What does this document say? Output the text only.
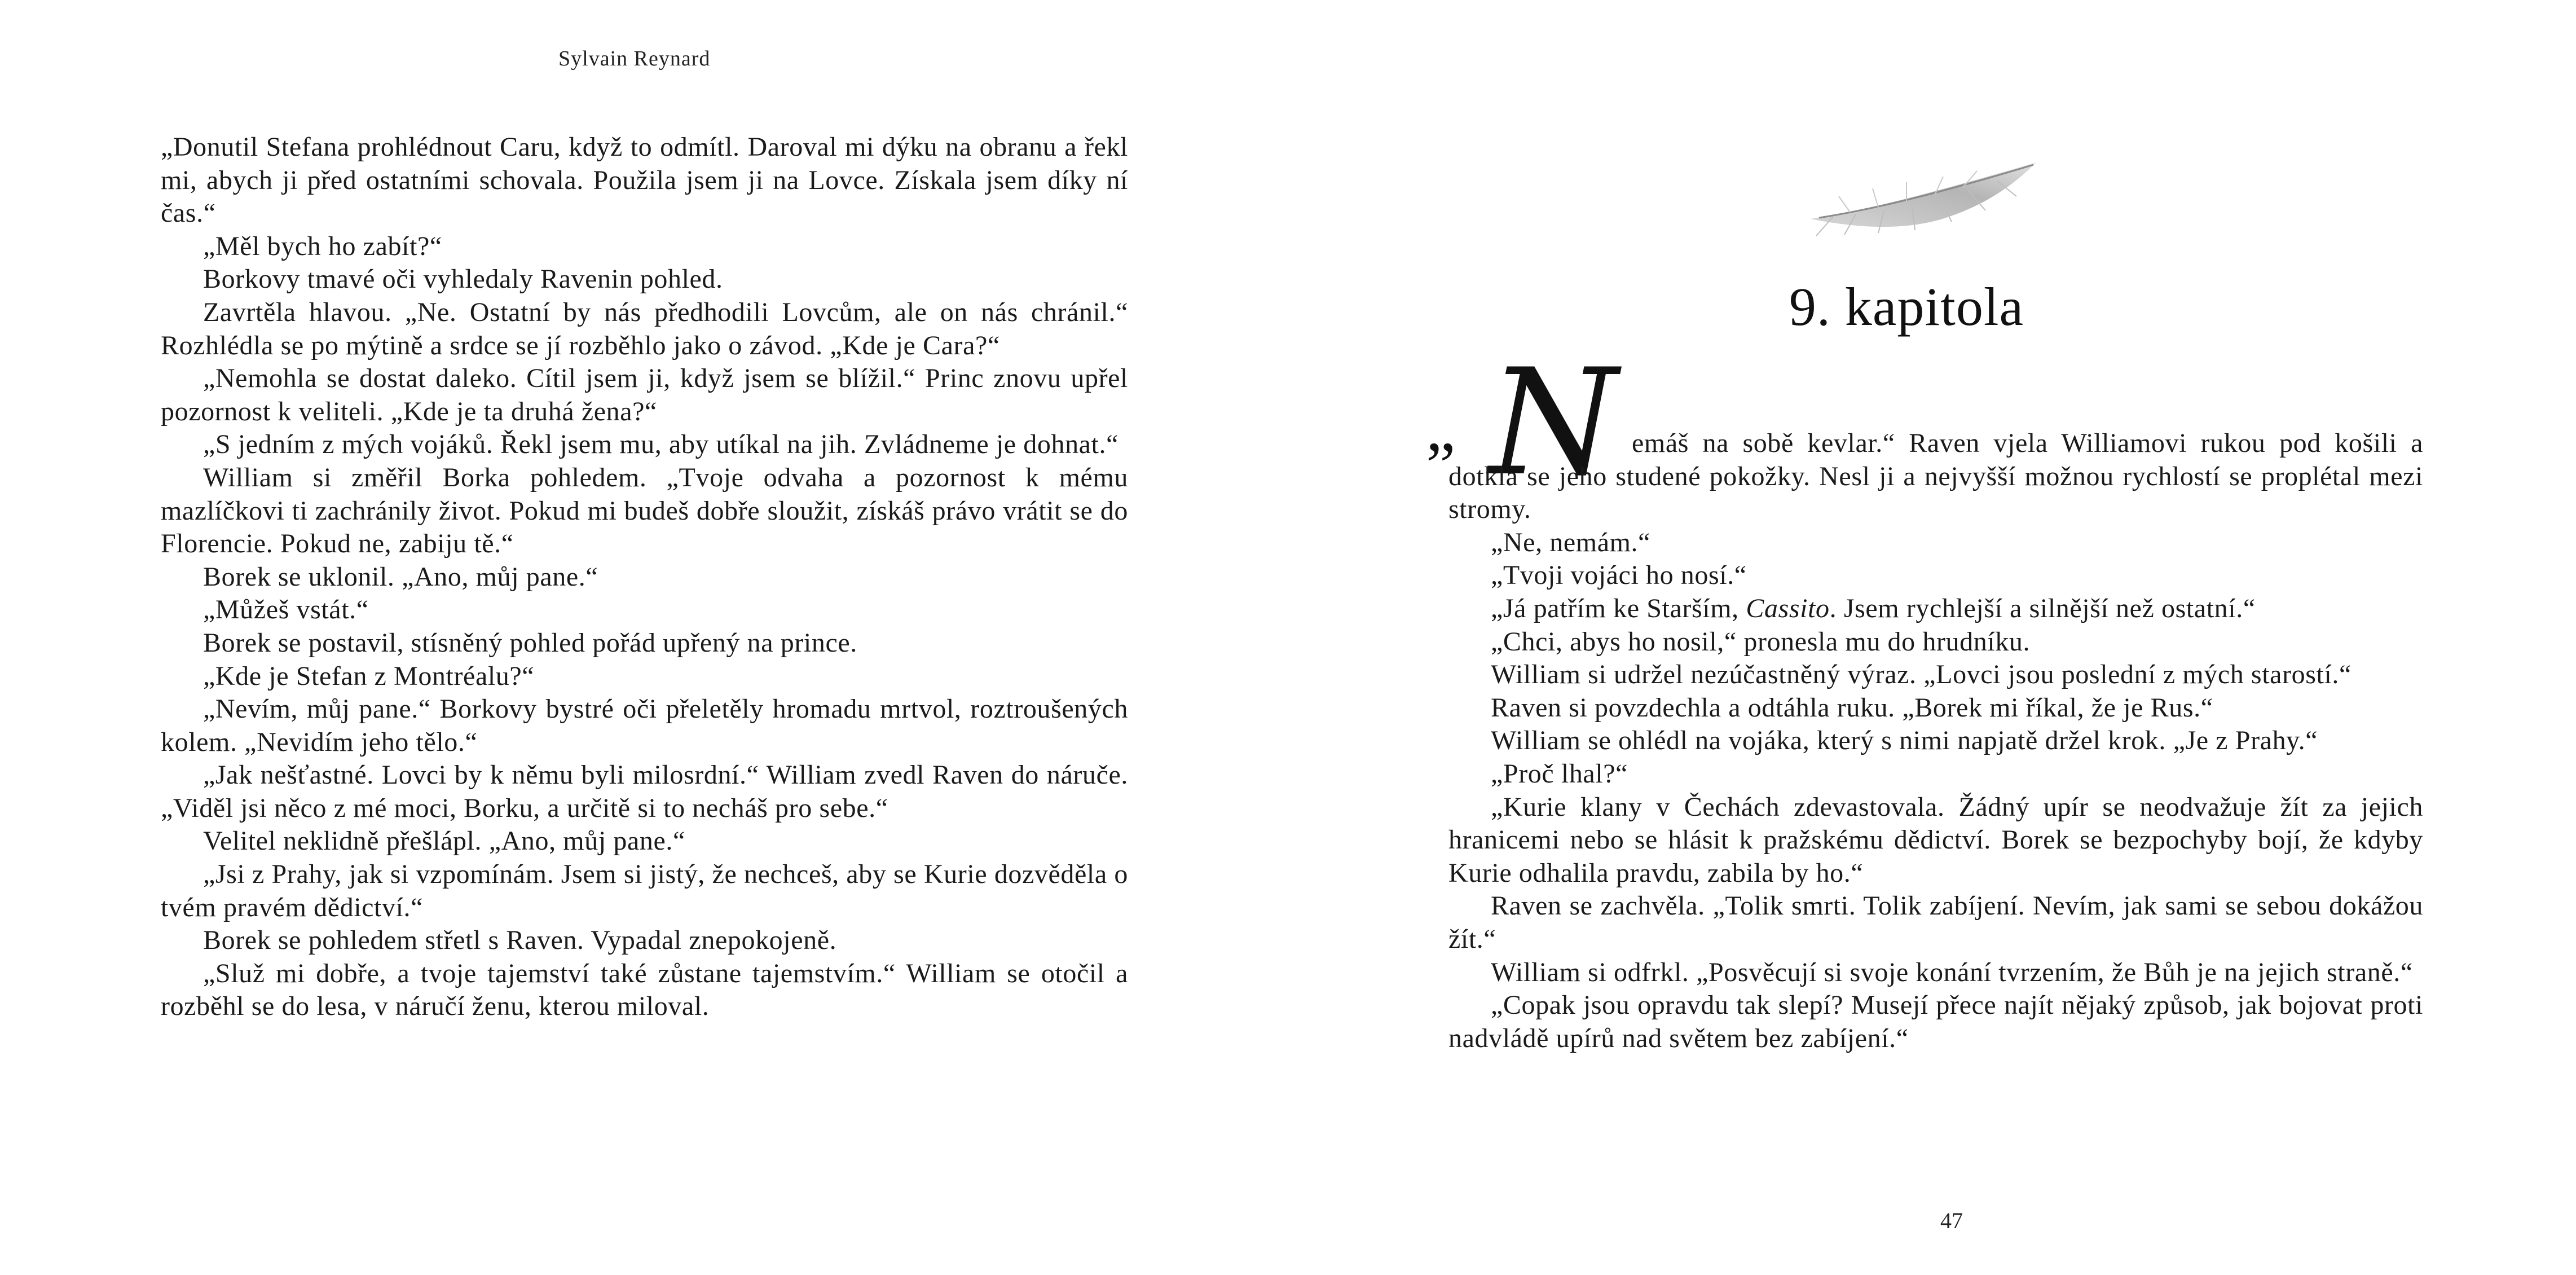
Sylvain Reynard

„Donutil Stefana prohlédnout Caru, když to odmítl. Daroval mi dýku na obranu a řekl mi, abych ji před ostatními schovala. Použila jsem ji na Lovce. Získala jsem díky ní čas.“

„Měl bych ho zabít?“

Borkovy tmavé oči vyhledaly Ravenin pohled.

Zavrtěla hlavou. „Ne. Ostatní by nás předhodili Lovcům, ale on nás chránil.“ Rozhlédla se po mýtině a srdce se jí rozběhlo jako o závod. „Kde je Cara?“

„Nemohla se dostat daleko. Cítil jsem ji, když jsem se blížil.“ Princ znovu upřel pozornost k veliteli. „Kde je ta druhá žena?“

„S jedním z mých vojáků. Řekl jsem mu, aby utíkal na jih. Zvládneme je dohnat.“

William si změřil Borka pohledem. „Tvoje odvaha a pozornost k mému mazlíčkovi ti zachránily život. Pokud mi budeš dobře sloužit, získáš právo vrátit se do Florencie. Pokud ne, zabiju tě.“

Borek se uklonil. „Ano, můj pane.“

„Můžeš vstát.“

Borek se postavil, stísněný pohled pořád upřený na prince.

„Kde je Stefan z Montréalu?“

„Nevím, můj pane.“ Borkovy bystré oči přeletěly hromadu mrtvol, roztroušených kolem. „Nevidím jeho tělo.“

„Jak nešťastné. Lovci by k němu byli milosrdní.“ William zvedl Raven do náruče. „Viděl jsi něco z mé moci, Borku, a určitě si to necháš pro sebe.“

Velitel neklidně přešlápl. „Ano, můj pane.“

„Jsi z Prahy, jak si vzpomínám. Jsem si jistý, že nechceš, aby se Kurie dozvěděla o tvém pravém dědictví.“

Borek se pohledem střetl s Raven. Vypadal znepokojeně.

„Služ mi dobře, a tvoje tajemství také zůstane tajemstvím.“ William se otočil a rozběhl se do lesa, v náručí ženu, kterou miloval.

9. kapitola
„ N emáš na sobě kevlar.“ Raven vjela Williamovi rukou pod košili a dotkla se jeho studené pokožky. Nesl ji a nejvyšší možnou rychlostí se proplétal mezi stromy.

„Ne, nemám.“

„Tvoji vojáci ho nosí.“

„Já patřím ke Starším, Cassito. Jsem rychlejší a silnější než ostatní.“

„Chci, abys ho nosil,“ pronesla mu do hrudníku.

William si udržel nezúčastněný výraz. „Lovci jsou poslední z mých starostí.“

Raven si povzdechla a odtáhla ruku. „Borek mi říkal, že je Rus.“

William se ohlédl na vojáka, který s nimi napjatě držel krok. „Je z Prahy.“

„Proč lhal?“

„Kurie klany v Čechách zdevastovala. Žádný upír se neodvažuje žít za jejich hranicemi nebo se hlásit k pražskému dědictví. Borek se bezpochyby bojí, že kdyby Kurie odhalila pravdu, zabila by ho.“

Raven se zachvěla. „Tolik smrti. Tolik zabíjení. Nevím, jak sami se sebou dokážou žít.“

William si odfrkl. „Posvěcují si svoje konání tvrzením, že Bůh je na jejich straně.“

„Copak jsou opravdu tak slepí? Musejí přece najít nějaký způsob, jak bojovat proti nadvládě upírů nad světem bez zabíjení.“

47
